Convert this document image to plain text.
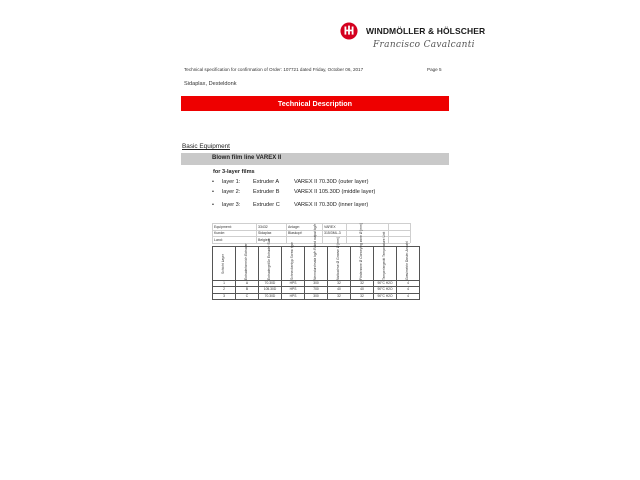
WINDMÖLLER & HÖLSCHER
Francisco Cavalcanti
Technical specification for confirmation of Order: 107721 dated Friday, October 06, 2017	Page 5
Sidaplax, Desteldonk
Technical Description
Basic Equipment
Blown film line VAREX II
for 3-layer films
• layer 1: Extruder A	VAREX II 70.30D (outer layer)
• layer 2: Extruder B	VAREX II 105.30D (middle layer)
• layer 3: Extruder C	VAREX II 70.30D (inner layer)
Equipment:	33432	Anlage:	VAREX
Kunde:	Sidaplax	Blaskopf:	315/3ML-3
Land:	Belgien
Schicht Layer	Extruderbereich Extruder	Extrudergröße Extruder Size	Schneckentyp Screw type	Nenndurchsatz kg/h Rated output kg/h	Nutbuchse Ø Groove Ø [mm]	Förderzone Ø Conveying zone Ø [mm]	Temperiergerät Temperature Unit	Gravimetrie Dosier-Anzahl

1	A	70.30D	HPS	300	32	32	90°C H2O	4
2	B	105.30D	HPS	700	40	40	90°C H2O	4
3	C	70.30D	HPS	300	32	32	90°C H2O	4
